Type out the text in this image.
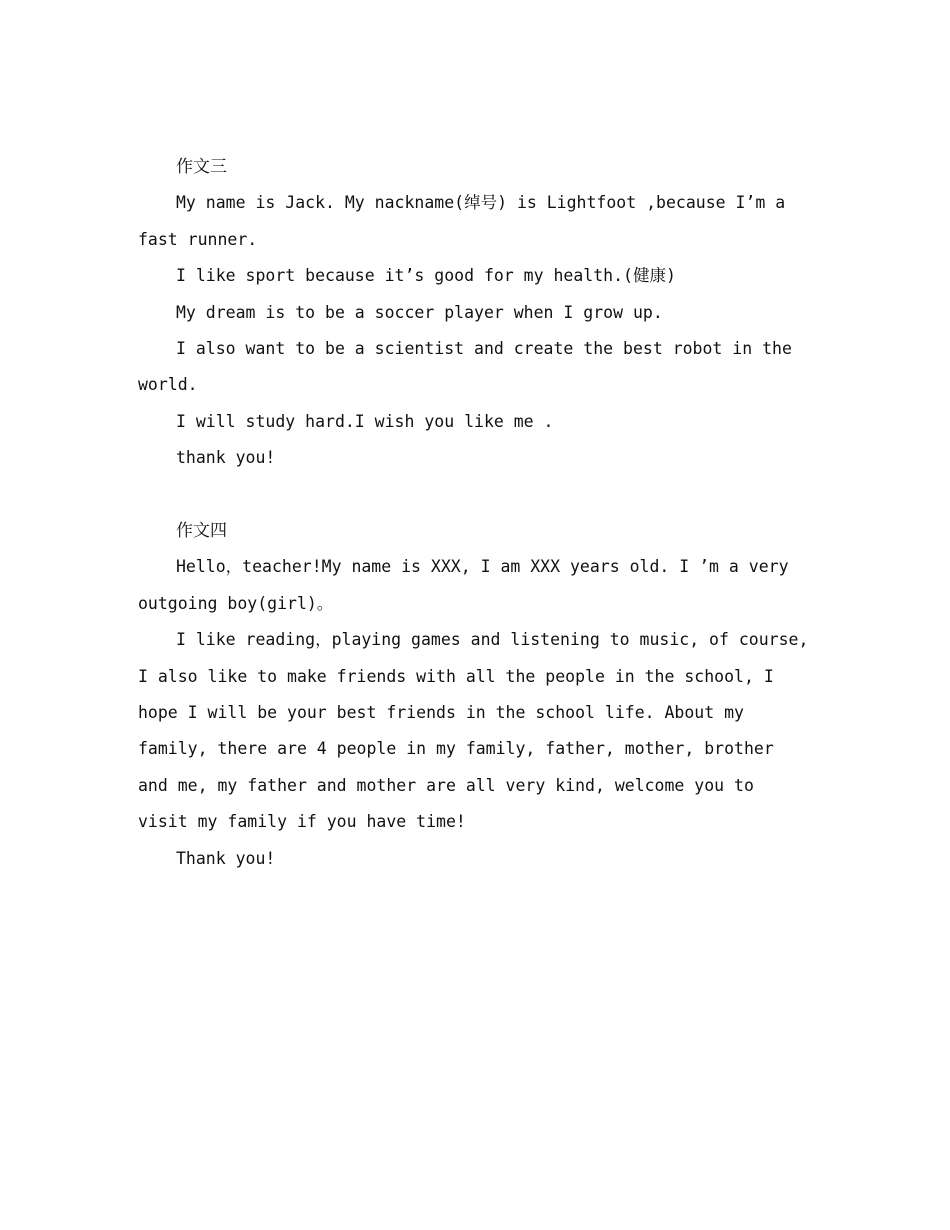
作文三

My name is Jack. My nackname(绰号) is Lightfoot ,because I’m a fast runner.

I like sport because it’s good for my health.(健康)

My dream is to be a soccer player when I grow up.

I also want to be a scientist and create the best robot in the world.

I will study hard.I wish you like me .

thank you!

作文四

Hello，teacher!My name is XXX, I am XXX years old. I ’m a very outgoing boy(girl)。

I like reading，playing games and listening to music, of course, I also like to make friends with all the people in the school, I hope I will be your best friends in the school life. About my family, there are 4 people in my family, father, mother, brother and me, my father and mother are all very kind, welcome you to visit my family if you have time!

Thank you!
